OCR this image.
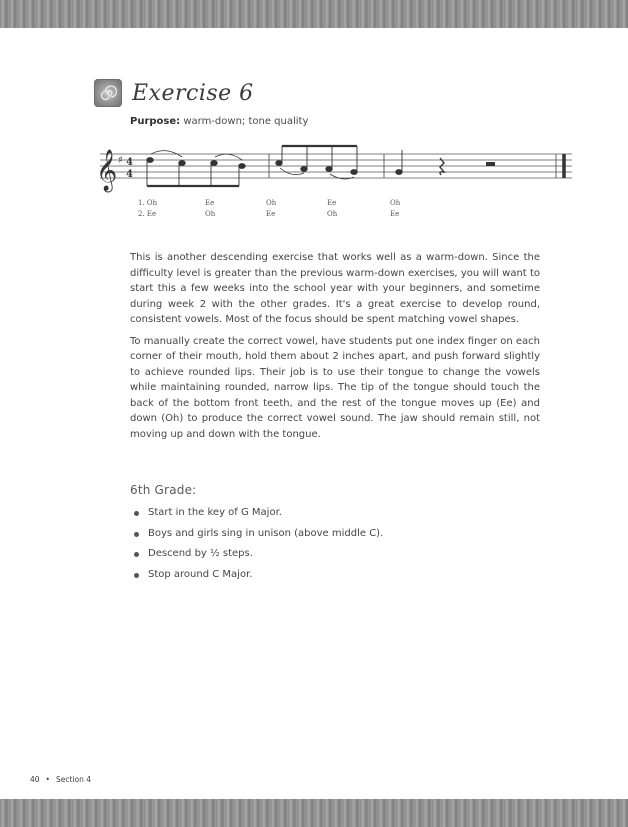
Exercise 6
Purpose: warm-down; tone quality
𝄞 ♯ 4
4
1. Oh	Ee	Oh	Ee	Oh
2. Ee	Oh	Ee	Oh	Ee

This is another descending exercise that works well as a warm-down. Since the difficulty level is greater than the previous warm-down exercises, you will want to start this a few weeks into the school year with your beginners, and sometime during week 2 with the other grades. It's a great exercise to develop round, consistent vowels. Most of the focus should be spent matching vowel shapes.

To manually create the correct vowel, have students put one index finger on each corner of their mouth, hold them about 2 inches apart, and push forward slightly to achieve rounded lips. Their job is to use their tongue to change the vowels while maintaining rounded, narrow lips. The tip of the tongue should touch the back of the bottom front teeth, and the rest of the tongue moves up (Ee) and down (Oh) to produce the correct vowel sound. The jaw should remain still, not moving up and down with the tongue.

6th Grade:
Start in the key of G Major.
Boys and girls sing in unison (above middle C).
Descend by ½ steps.
Stop around C Major.
40 • Section 4
